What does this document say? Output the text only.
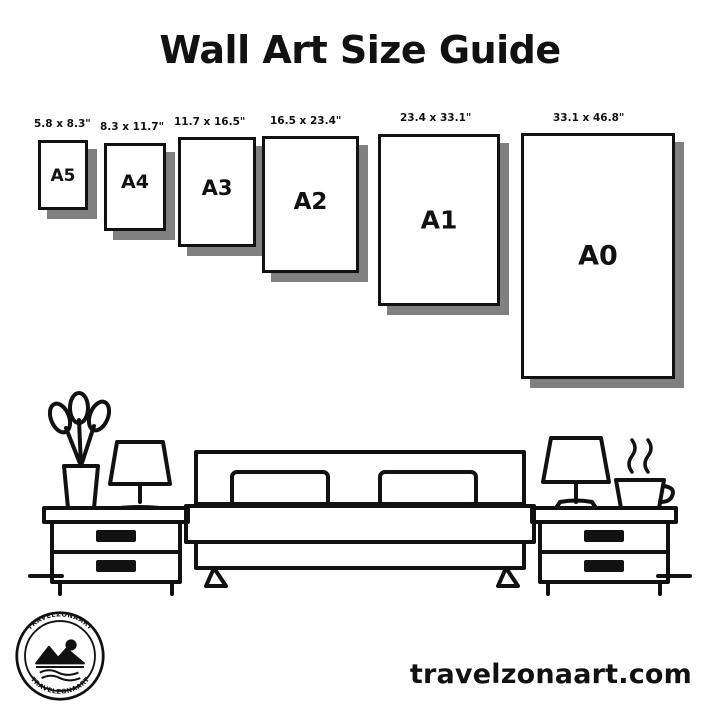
Wall Art Size Guide
5.8 x 8.3" 8.3 x 11.7" 11.7 x 16.5" 16.5 x 23.4"	23.4 x 33.1"	33.1 x 46.8"
A5	A4	A3
A2
A1
A0
travelzonaart.com
TRAVELZONAART
TRAVELZONAART
